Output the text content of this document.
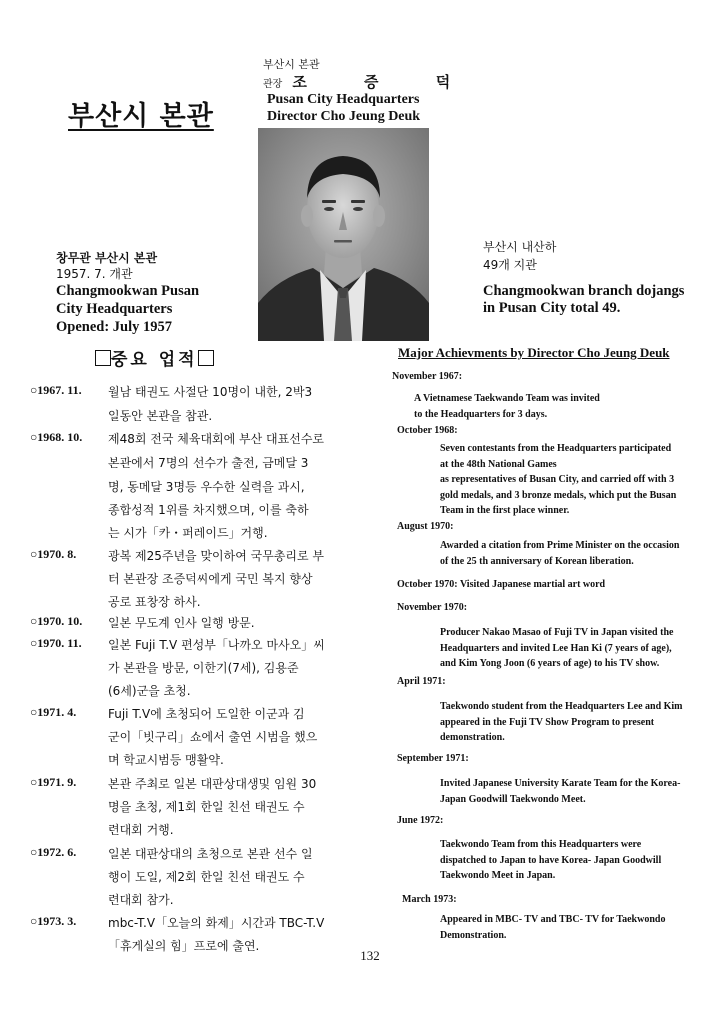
부산시 본관
부산시 본관
관장 조 증 덕
Pusan City Headquarters
Director Cho Jeung Deuk
창무관 부산시 본관
1957. 7. 개관
Changmookwan Pusan
City Headquarters
Opened: July 1957
부산시 내산하
49개 지관
Changmookwan branch dojangs
in Pusan City total 49.
중요 업적	Major Achievments by Director Cho Jeung Deuk
○1967. 11. 월남 태권도 사절단 10명이 내한, 2박3
일동안 본관을 참관.
○1968. 10. 제48회 전국 체육대회에 부산 대표선수로
본관에서 7명의 선수가 출전, 금메달 3
명, 동메달 3명등 우수한 실력을 과시,
종합성적 1위를 차지했으며, 이를 축하
는 시가「카・퍼레이드」거행.
○1970. 8.	광복 제25주년을 맞이하여 국무총리로 부
터 본관장 조증덕씨에게 국민 복지 향상
공로 표창장 하사.
○1970. 10. 일본 무도계 인사 일행 방문.
○1970. 11. 일본 Fuji T.V 편성부「나까오 마사오」씨
가 본관을 방문, 이한기(7세), 김용준
(6세)군을 초청.
○1971. 4.	Fuji T.V에 초청되어 도일한 이군과 김
군이「빗구리」쇼에서 출연 시범을 했으
며 학교시범등 맹활약.
○1971. 9.	본관 주최로 일본 대판상대생및 임원 30
명을 초청, 제1회 한일 친선 태권도 수
련대회 거행.
○1972. 6.	일본 대판상대의 초청으로 본관 선수 일
행이 도일, 제2회 한일 친선 태권도 수
련대회 참가.
○1973. 3.	mbc-T.V「오늘의 화제」시간과 TBC-T.V
「휴게실의 힘」프로에 출연.
November 1967:
A Vietnamese Taekwando Team was invited
to the Headquarters for 3 days.
October 1968:
Seven contestants from the Headquarters participated
at the 48th National Games
as representatives of Busan City, and carried off with 3
gold medals, and 3 bronze medals, which put the Busan
Team in the first place winner.
August 1970:
Awarded a citation from Prime Minister on the occasion
of the 25 th anniversary of Korean liberation.
October 1970: Visited Japanese martial art word
November 1970:
Producer Nakao Masao of Fuji TV in Japan visited the
Headquarters and invited Lee Han Ki (7 years of age),
and Kim Yong Joon (6 years of age) to his TV show.
April 1971:
Taekwondo student from the Headquarters Lee and Kim
appeared in the Fuji TV Show Program to present
demonstration.
September 1971:
Invited Japanese University Karate Team for the Korea-
Japan Goodwill Taekwondo Meet.
June 1972:
Taekwondo Team from this Headquarters were
dispatched to Japan to have Korea- Japan Goodwill
Taekwondo Meet in Japan.
March 1973:
Appeared in MBC- TV and TBC- TV for Taekwondo
Demonstration.
132
